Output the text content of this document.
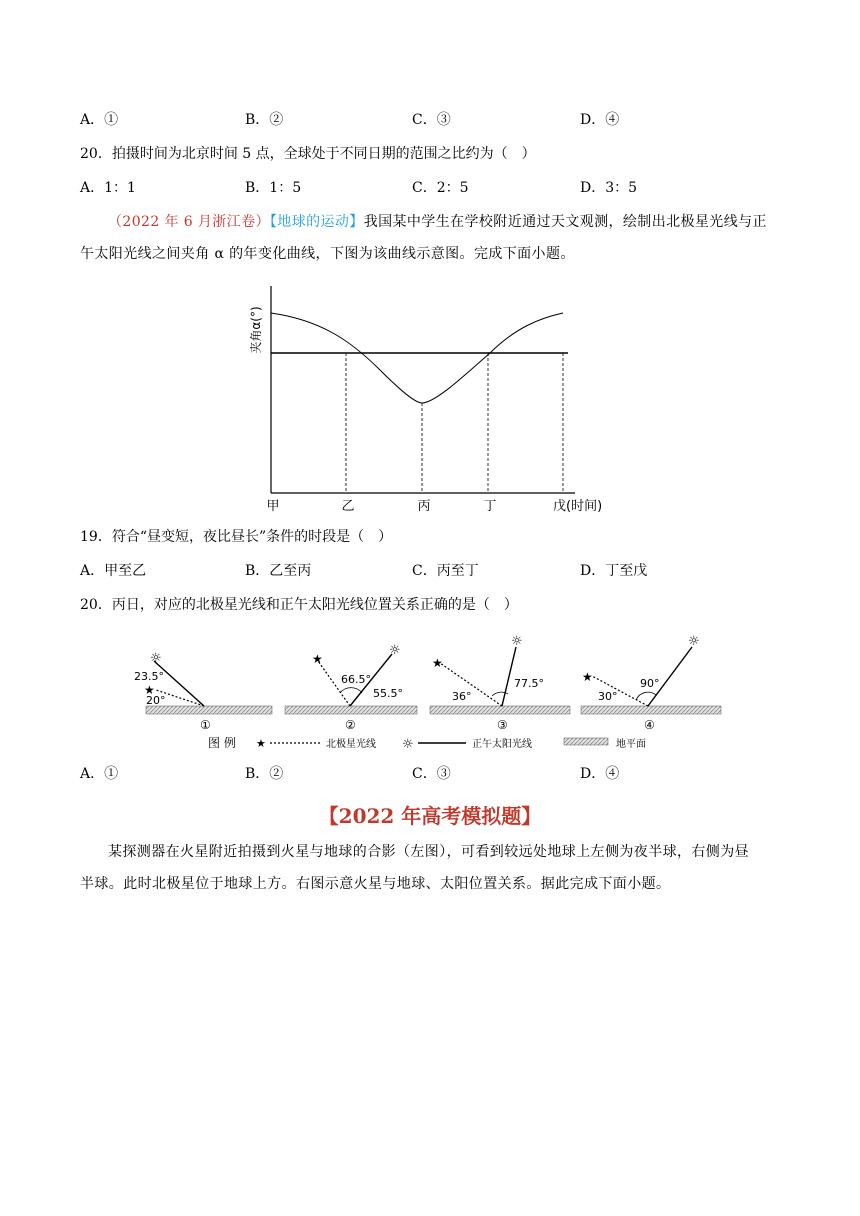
A．①	B．②	C．③	D．④
20．拍摄时间为北京时间 5 点，全球处于不同日期的范围之比约为（　）
A．1：1	B．1：5	C．2：5	D．3：5
（2022 年 6 月浙江卷）【地球的运动】我国某中学生在学校附近通过天文观测，绘制出北极星光线与正
午太阳光线之间夹角 α 的年变化曲线，下图为该曲线示意图。完成下面小题。
夹角α(°)
甲	乙	丙	丁	戊(时间)
19．符合“昼变短，夜比昼长”条件的时段是（　）
A．甲至乙	B．乙至丙	C．丙至丁	D．丁至戊
20．丙日，对应的北极星光线和正午太阳光线位置关系正确的是（　）
☼
★
23.5°
20°
①
★
☼
66.5°
55.5°
②
★
☼
36°
77.5°
③
★
☼
30°
90°
④
图 例 ★	北极星光线 ☼	正午太阳光线	地平面
A．①	B．②	C．③	D．④
【2022 年高考模拟题】
某探测器在火星附近拍摄到火星与地球的合影（左图），可看到较远处地球上左侧为夜半球，右侧为昼
半球。此时北极星位于地球上方。右图示意火星与地球、太阳位置关系。据此完成下面小题。
